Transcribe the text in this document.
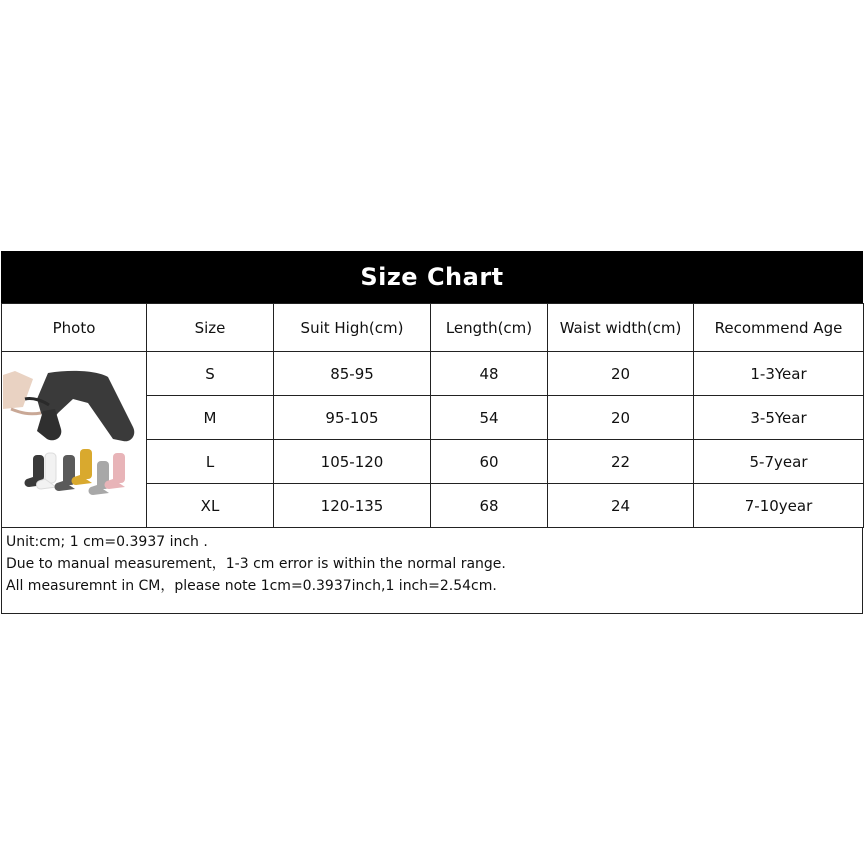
Size Chart
Photo	Size	Suit High(cm)	Length(cm)	Waist width(cm)	Recommend Age

	S	85-95	48	20	1-3Year
	M	95-105	54	20	3-5Year
	L	105-120	60	22	5-7year
	XL	120-135	68	24	7-10year
Unit:cm; 1 cm=0.3937 inch .
Due to manual measurement，1-3 cm error is within the normal range.
All measuremnt in CM，please note 1cm=0.3937inch,1 inch=2.54cm.
